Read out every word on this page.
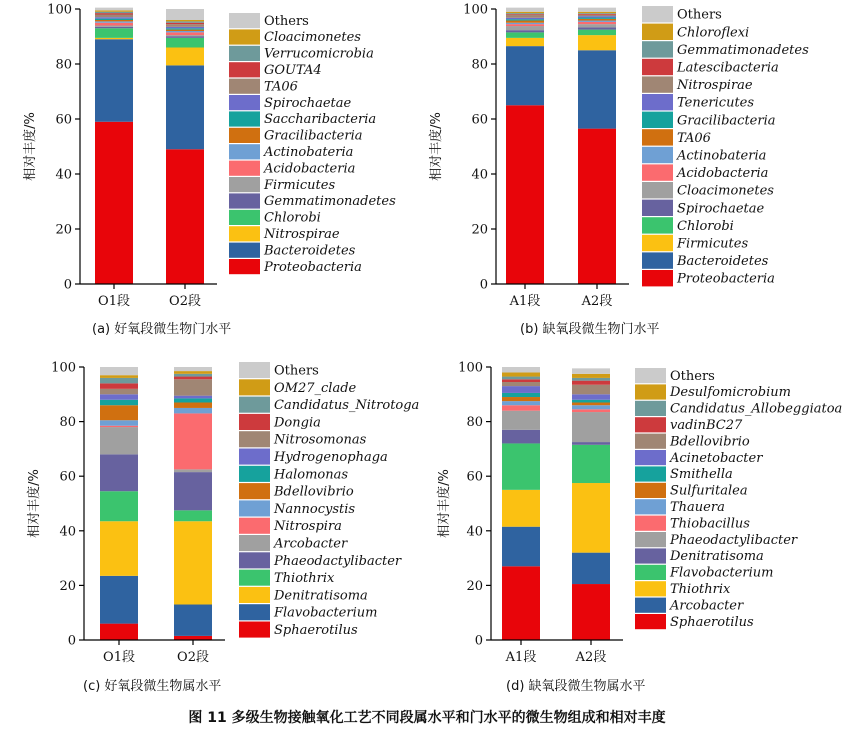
0
20
40
60
80
100
O1段	O2段
相对丰度/%
Others
Cloacimonetes
Verrucomicrobia
GOUTA4
TA06
Spirochaetae
Saccharibacteria
Gracilibacteria
Actinobateria
Acidobacteria
Firmicutes
Gemmatimonadetes
Chlorobi
Nitrospirae
Bacteroidetes
Proteobacteria
(a) 好氧段微生物门水平
0
20
40
60
80
100
A1段	A2段
相对丰度/%
Others
Chloroflexi
Gemmatimonadetes
Latescibacteria
Nitrospirae
Tenericutes
Gracilibacteria
TA06
Actinobateria
Acidobacteria
Cloacimonetes
Spirochaetae
Chlorobi
Firmicutes
Bacteroidetes
Proteobacteria
(b) 缺氧段微生物门水平
0
20
40
60
80
100
O1段	O2段
相对丰度/%
Others
OM27_clade
Candidatus_Nitrotoga
Dongia
Nitrosomonas
Hydrogenophaga
Halomonas
Bdellovibrio
Nannocystis
Nitrospira
Arcobacter
Phaeodactylibacter
Thiothrix
Denitratisoma
Flavobacterium
Sphaerotilus
(c) 好氧段微生物属水平
0
20
40
60
80
100
A1段	A2段
相对丰度/%
Others
Desulfomicrobium
Candidatus_Allobeggiatoa
vadinBC27
Bdellovibrio
Acinetobacter
Smithella
Sulfuritalea
Thauera
Thiobacillus
Phaeodactylibacter
Denitratisoma
Flavobacterium
Thiothrix
Arcobacter
Sphaerotilus
(d) 缺氧段微生物属水平
图 11 多级生物接触氧化工艺不同段属水平和门水平的微生物组成和相对丰度
